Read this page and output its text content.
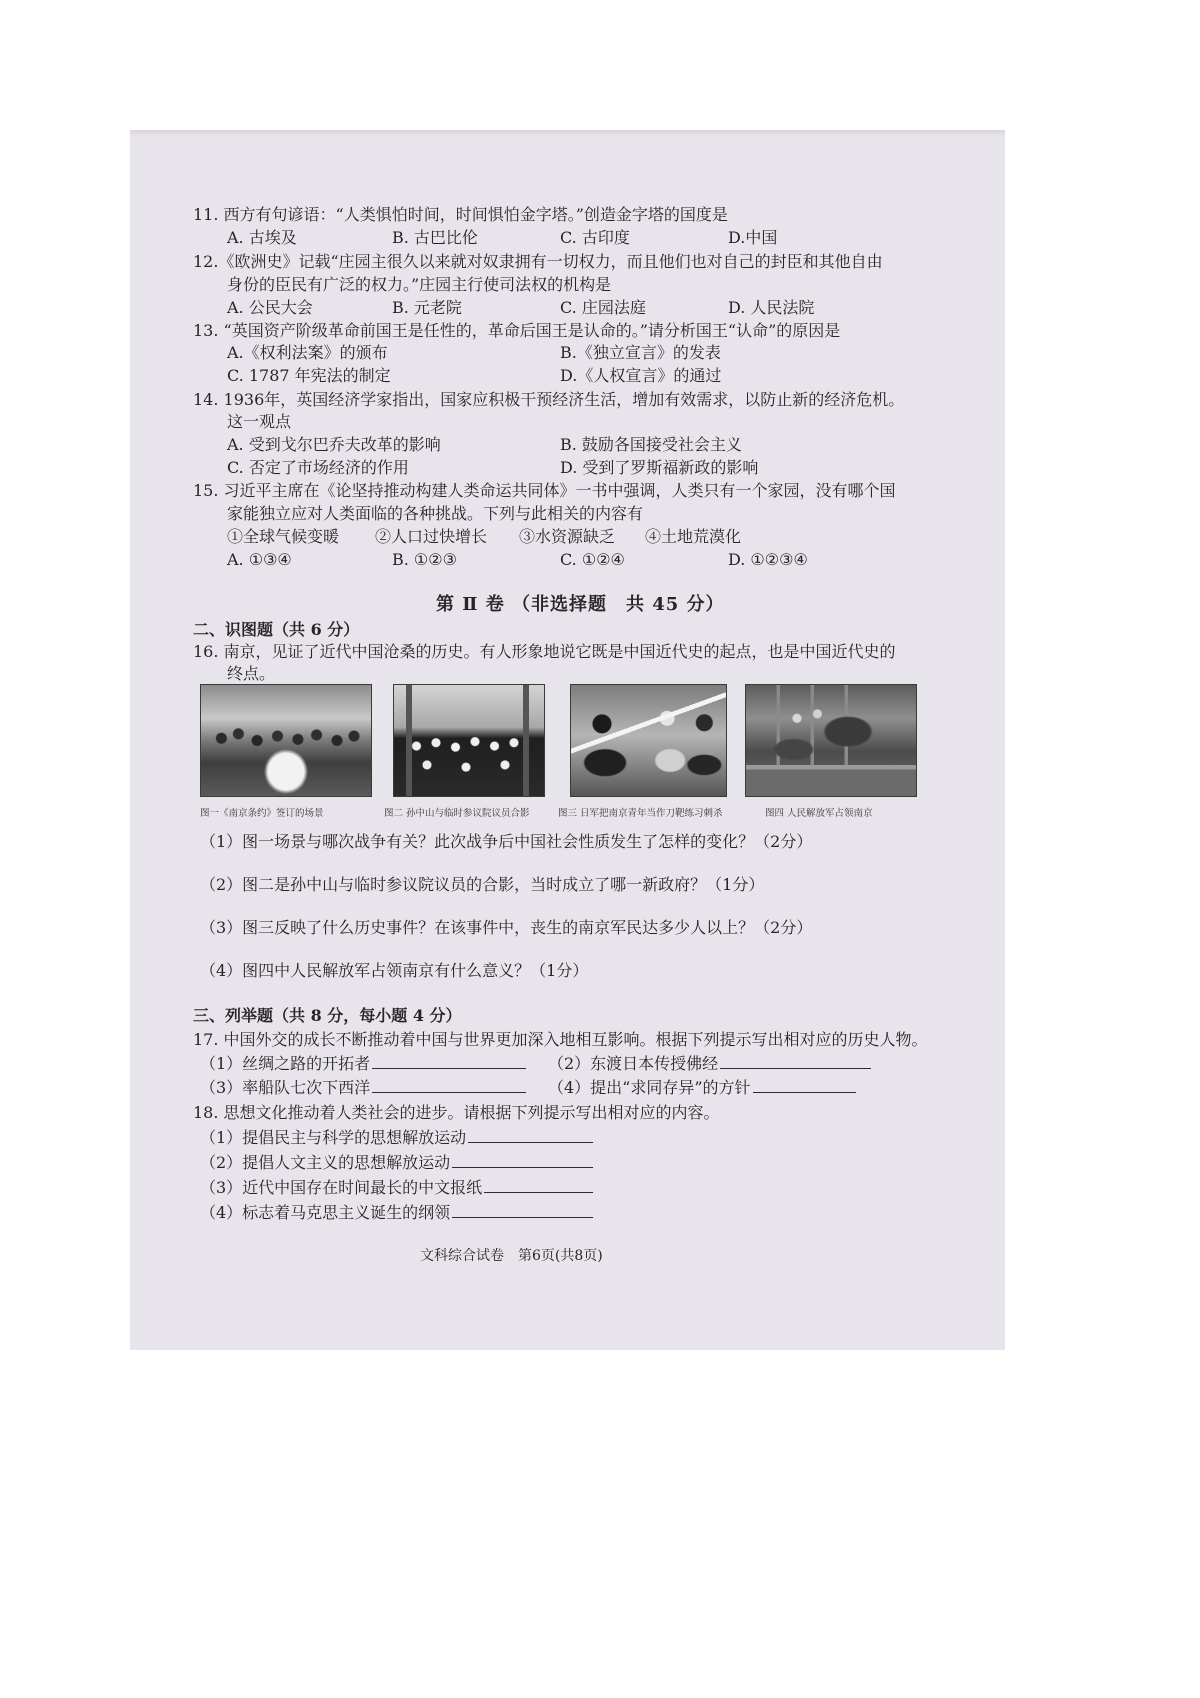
11. 西方有句谚语：“人类惧怕时间，时间惧怕金字塔。”创造金字塔的国度是
A. 古埃及	B. 古巴比伦	C. 古印度	D.中国
12.《欧洲史》记载“庄园主很久以来就对奴隶拥有一切权力，而且他们也对自己的封臣和其他自由
身份的臣民有广泛的权力。”庄园主行使司法权的机构是
A. 公民大会	B. 元老院	C. 庄园法庭	D. 人民法院
13. “英国资产阶级革命前国王是任性的，革命后国王是认命的。”请分析国王“认命”的原因是
A.《权利法案》的颁布	B.《独立宣言》的发表
C. 1787 年宪法的制定	D.《人权宣言》的通过
14. 1936年，英国经济学家指出，国家应积极干预经济生活，增加有效需求，以防止新的经济危机。
这一观点
A. 受到戈尔巴乔夫改革的影响	B. 鼓励各国接受社会主义
C. 否定了市场经济的作用	D. 受到了罗斯福新政的影响
15. 习近平主席在《论坚持推动构建人类命运共同体》一书中强调，人类只有一个家园，没有哪个国
家能独立应对人类面临的各种挑战。下列与此相关的内容有
①全球气候变暖 ②人口过快增长 ③水资源缺乏 ④土地荒漠化
A. ①③④	B. ①②③	C. ①②④	D. ①②③④
第 Ⅱ 卷 （非选择题　共 45 分）
二、识图题（共 6 分）
16. 南京，见证了近代中国沧桑的历史。有人形象地说它既是中国近代史的起点，也是中国近代史的
终点。
图一《南京条约》签订的场景	图二 孙中山与临时参议院议员合影	图三 日军把南京青年当作刀靶练习刺杀	图四 人民解放军占领南京
（1）图一场景与哪次战争有关？此次战争后中国社会性质发生了怎样的变化？（2分）
（2）图二是孙中山与临时参议院议员的合影，当时成立了哪一新政府？（1分）
（3）图三反映了什么历史事件？在该事件中，丧生的南京军民达多少人以上？（2分）
（4）图四中人民解放军占领南京有什么意义？（1分）
三、列举题（共 8 分，每小题 4 分）
17. 中国外交的成长不断推动着中国与世界更加深入地相互影响。根据下列提示写出相对应的历史人物。
（1）丝绸之路的开拓者	（2）东渡日本传授佛经
（3）率船队七次下西洋	（4）提出“求同存异”的方针
18. 思想文化推动着人类社会的进步。请根据下列提示写出相对应的内容。
（1）提倡民主与科学的思想解放运动
（2）提倡人文主义的思想解放运动
（3）近代中国存在时间最长的中文报纸
（4）标志着马克思主义诞生的纲领
文科综合试卷　第6页(共8页)
